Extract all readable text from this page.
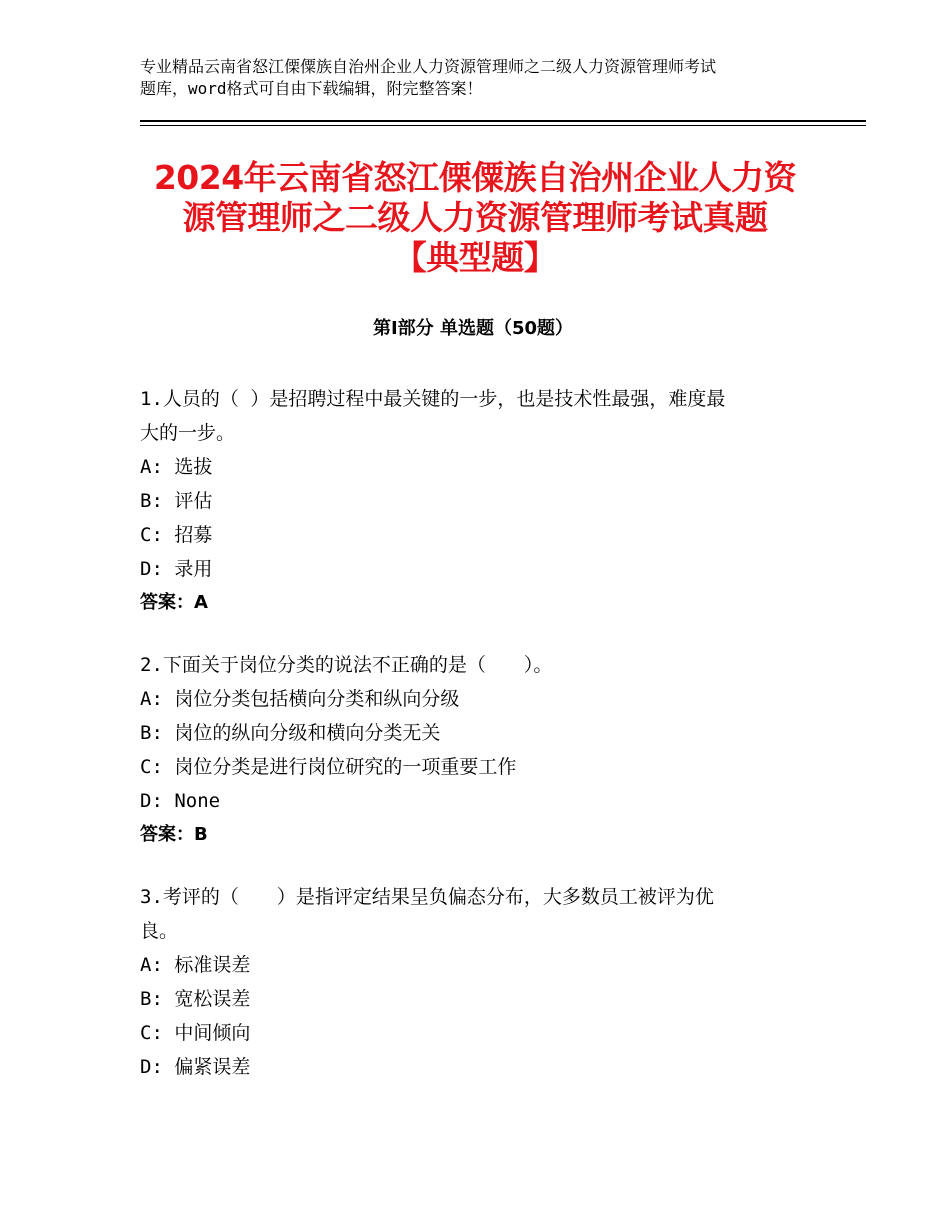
专业精品云南省怒江傈僳族自治州企业人力资源管理师之二级人力资源管理师考试
题库，word格式可自由下载编辑，附完整答案！
2024年云南省怒江傈僳族自治州企业人力资
源管理师之二级人力资源管理师考试真题
【典型题】
第Ⅰ部分 单选题（50题）
1.人员的（ ）是招聘过程中最关键的一步，也是技术性最强，难度最
大的一步。
A: 选拔
B: 评估
C: 招募
D: 录用
答案：A
2.下面关于岗位分类的说法不正确的是（　　）。
A: 岗位分类包括横向分类和纵向分级
B: 岗位的纵向分级和横向分类无关
C: 岗位分类是进行岗位研究的一项重要工作
D: None
答案：B
3.考评的（　　）是指评定结果呈负偏态分布，大多数员工被评为优
良。
A: 标准误差
B: 宽松误差
C: 中间倾向
D: 偏紧误差
